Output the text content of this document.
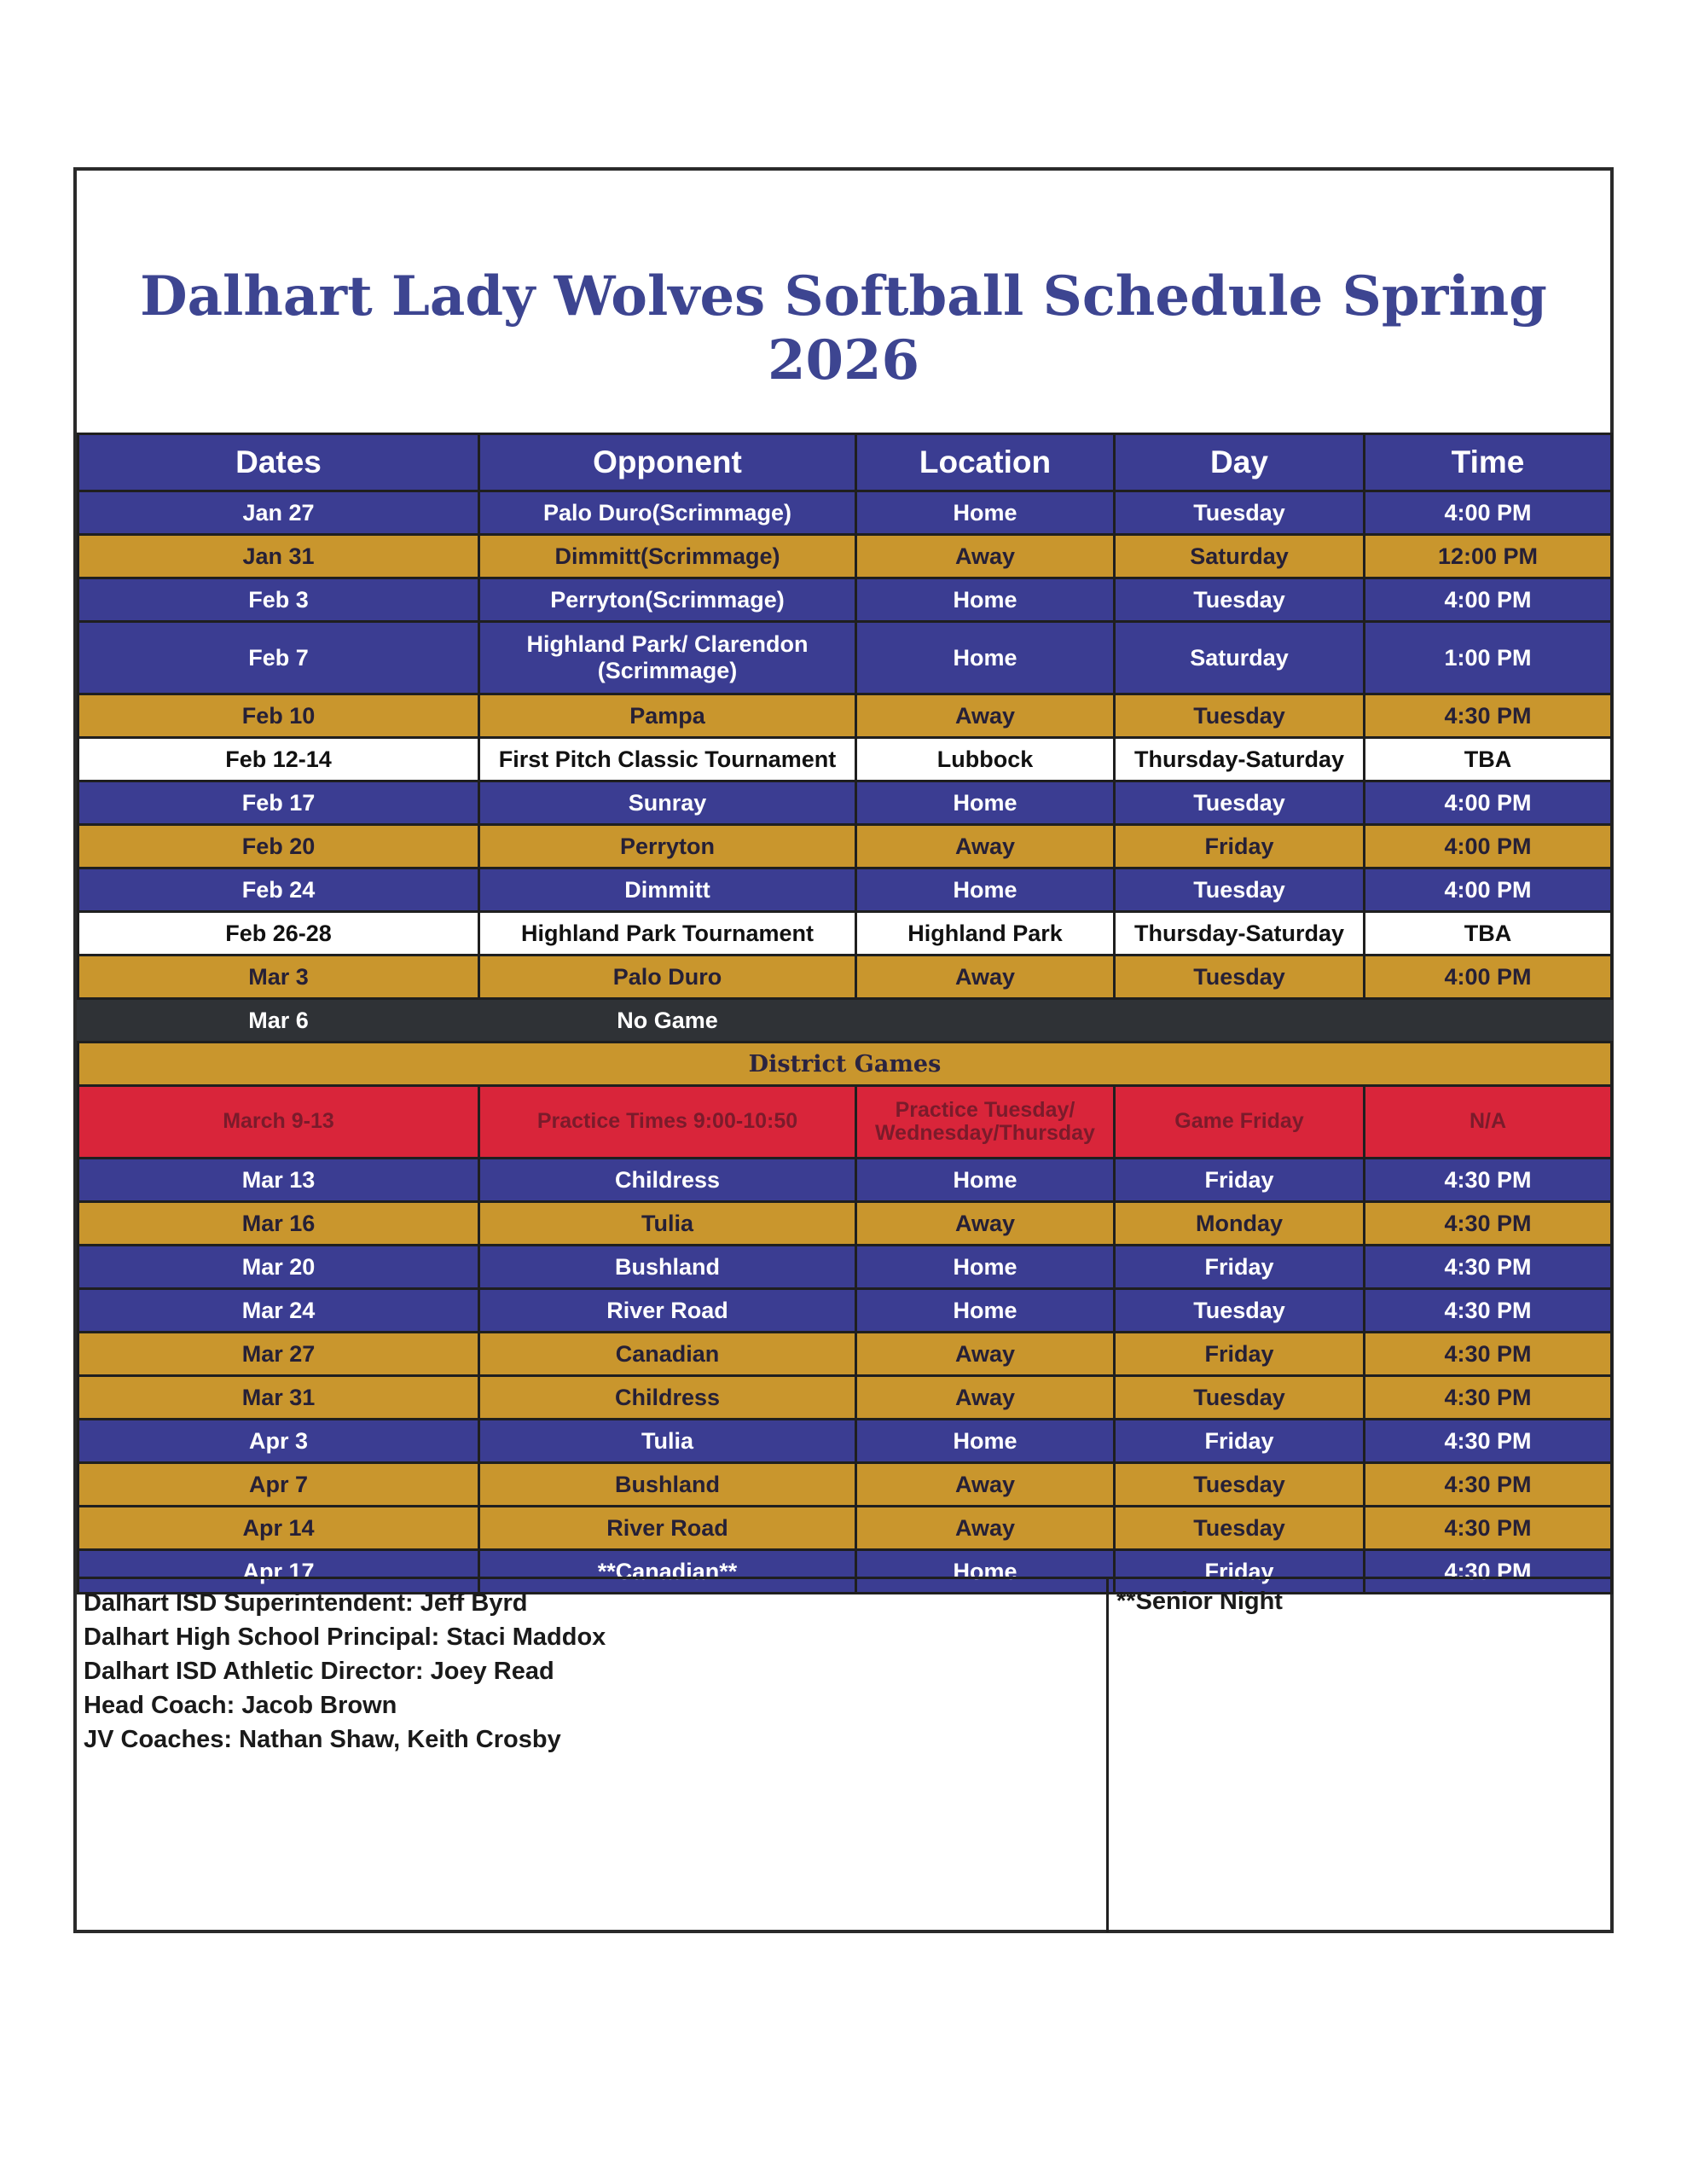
Dalhart Lady Wolves Softball Schedule Spring 2026
Dates	Opponent	Location	Day	Time
Jan 27	Palo Duro(Scrimmage)	Home	Tuesday	4:00 PM
Jan 31	Dimmitt(Scrimmage)	Away	Saturday	12:00 PM
Feb 3	Perryton(Scrimmage)	Home	Tuesday	4:00 PM
Feb 7	Highland Park/ Clarendon (Scrimmage)	Home	Saturday	1:00 PM
Feb 10	Pampa	Away	Tuesday	4:30 PM
Feb 12-14	First Pitch Classic Tournament	Lubbock	Thursday-Saturday	TBA
Feb 17	Sunray	Home	Tuesday	4:00 PM
Feb 20	Perryton	Away	Friday	4:00 PM
Feb 24	Dimmitt	Home	Tuesday	4:00 PM
Feb 26-28	Highland Park Tournament	Highland Park	Thursday-Saturday	TBA
Mar 3	Palo Duro	Away	Tuesday	4:00 PM
Mar 6	No Game			
District Games				
March 9-13	Practice Times 9:00-10:50	Practice Tuesday/ Wednesday/Thursday	Game Friday	N/A
Mar 13	Childress	Home	Friday	4:30 PM
Mar 16	Tulia	Away	Monday	4:30 PM
Mar 20	Bushland	Home	Friday	4:30 PM
Mar 24	River Road	Home	Tuesday	4:30 PM
Mar 27	Canadian	Away	Friday	4:30 PM
Mar 31	Childress	Away	Tuesday	4:30 PM
Apr 3	Tulia	Home	Friday	4:30 PM
Apr 7	Bushland	Away	Tuesday	4:30 PM
Apr 14	River Road	Away	Tuesday	4:30 PM
Apr 17	**Canadian**	Home	Friday	4:30 PM
Dalhart ISD Superintendent: Jeff Byrd
Dalhart High School Principal: Staci Maddox
Dalhart ISD Athletic Director: Joey Read
Head Coach: Jacob Brown
JV Coaches: Nathan Shaw, Keith Crosby
**Senior Night
